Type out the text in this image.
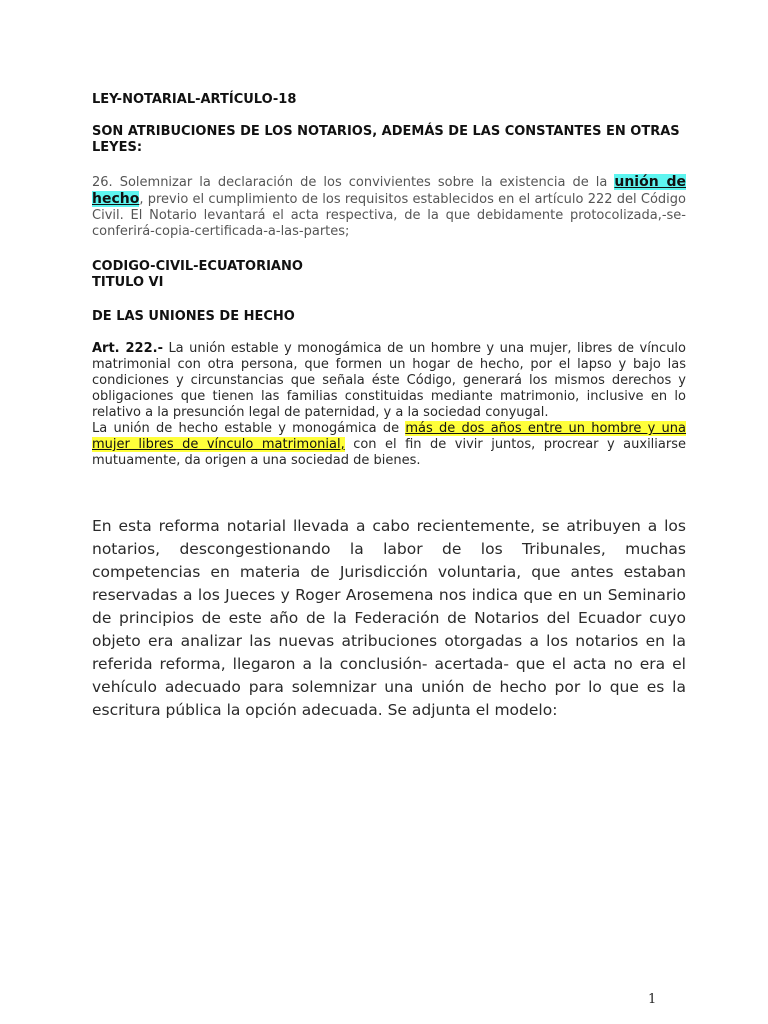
LEY-NOTARIAL-ARTÍCULO-18

SON ATRIBUCIONES DE LOS NOTARIOS, ADEMÁS DE LAS CONSTANTES EN OTRAS LEYES:

26. Solemnizar la declaración de los convivientes sobre la existencia de la unión de hecho, previo el cumplimiento de los requisitos establecidos en el artículo 222 del Código Civil. El Notario levantará el acta respectiva, de la que debidamente protocolizada,-se-conferirá-copia-certificada-a-las-partes;

CODIGO-CIVIL-ECUATORIANO

TITULO VI

DE LAS UNIONES DE HECHO

Art. 222.- La unión estable y monogámica de un hombre y una mujer, libres de vínculo matrimonial con otra persona, que formen un hogar de hecho, por el lapso y bajo las condiciones y circunstancias que señala éste Código, generará los mismos derechos y obligaciones que tienen las familias constituidas mediante matrimonio, inclusive en lo relativo a la presunción legal de paternidad, y a la sociedad conyugal.
La unión de hecho estable y monogámica de más de dos años entre un hombre y una mujer libres de vínculo matrimonial, con el fin de vivir juntos, procrear y auxiliarse mutuamente, da origen a una sociedad de bienes.

En esta reforma notarial llevada a cabo recientemente, se atribuyen a los notarios, descongestionando la labor de los Tribunales, muchas competencias en materia de Jurisdicción voluntaria, que antes estaban reservadas a los Jueces y Roger Arosemena nos indica que en un Seminario de principios de este año de la Federación de Notarios del Ecuador cuyo objeto era analizar las nuevas atribuciones otorgadas a los notarios en la referida reforma, llegaron a la conclusión- acertada- que el acta no era el vehículo adecuado para solemnizar una unión de hecho por lo que es la escritura pública la opción adecuada. Se adjunta el modelo:

1
